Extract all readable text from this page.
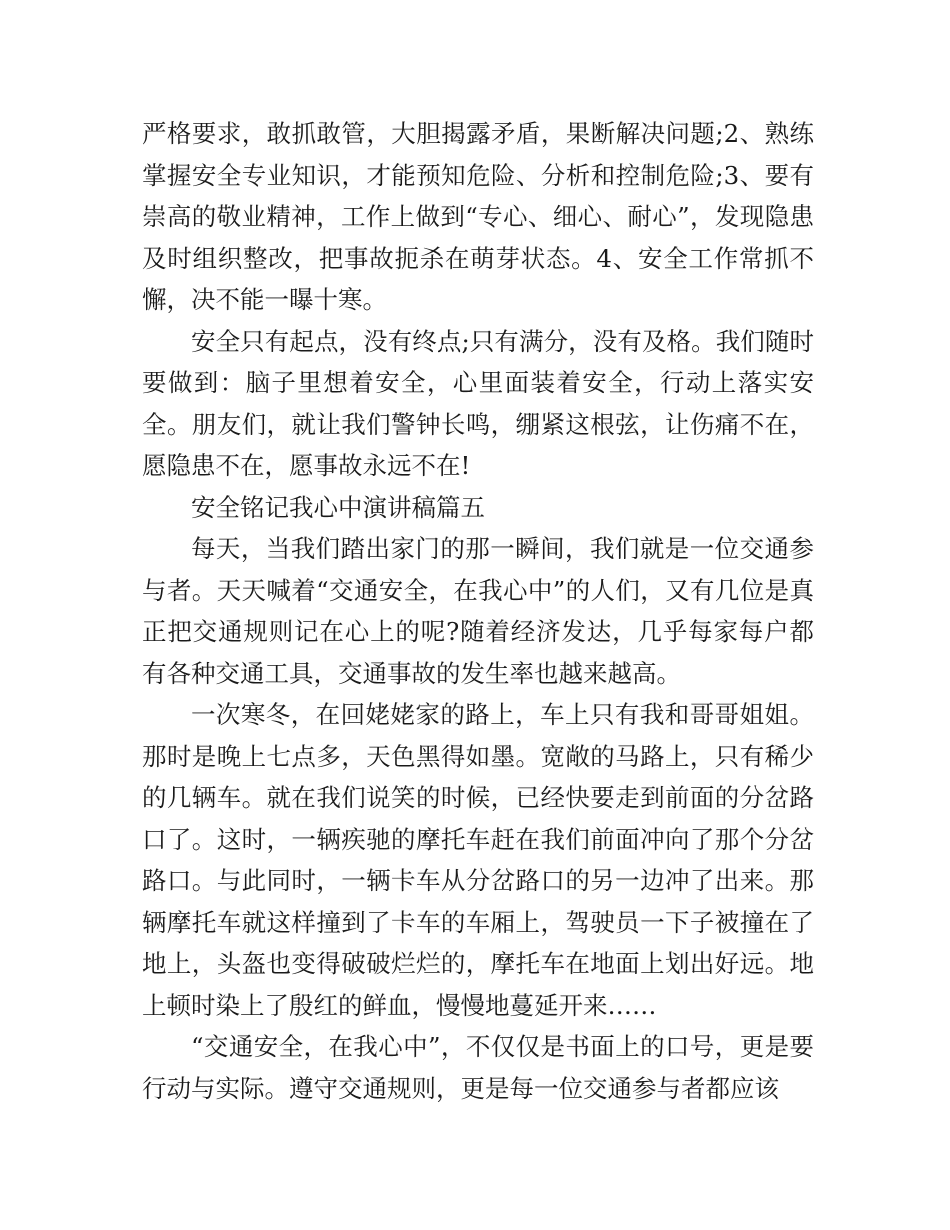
严格要求，敢抓敢管，大胆揭露矛盾，果断解决问题;2、熟练掌握安全专业知识，才能预知危险、分析和控制危险;3、要有崇高的敬业精神，工作上做到“专心、细心、耐心”，发现隐患及时组织整改，把事故扼杀在萌芽状态。4、安全工作常抓不懈，决不能一曝十寒。

安全只有起点，没有终点;只有满分，没有及格。我们随时要做到：脑子里想着安全，心里面装着安全，行动上落实安全。朋友们，就让我们警钟长鸣，绷紧这根弦，让伤痛不在，愿隐患不在，愿事故永远不在!

安全铭记我心中演讲稿篇五

每天，当我们踏出家门的那一瞬间，我们就是一位交通参与者。天天喊着“交通安全，在我心中”的人们，又有几位是真正把交通规则记在心上的呢?随着经济发达，几乎每家每户都有各种交通工具，交通事故的发生率也越来越高。

一次寒冬，在回姥姥家的路上，车上只有我和哥哥姐姐。那时是晚上七点多，天色黑得如墨。宽敞的马路上，只有稀少的几辆车。就在我们说笑的时候，已经快要走到前面的分岔路口了。这时，一辆疾驰的摩托车赶在我们前面冲向了那个分岔路口。与此同时，一辆卡车从分岔路口的另一边冲了出来。那辆摩托车就这样撞到了卡车的车厢上，驾驶员一下子被撞在了地上，头盔也变得破破烂烂的，摩托车在地面上划出好远。地上顿时染上了殷红的鲜血，慢慢地蔓延开来……

“交通安全，在我心中”，不仅仅是书面上的口号，更是要行动与实际。遵守交通规则，更是每一位交通参与者都应该
